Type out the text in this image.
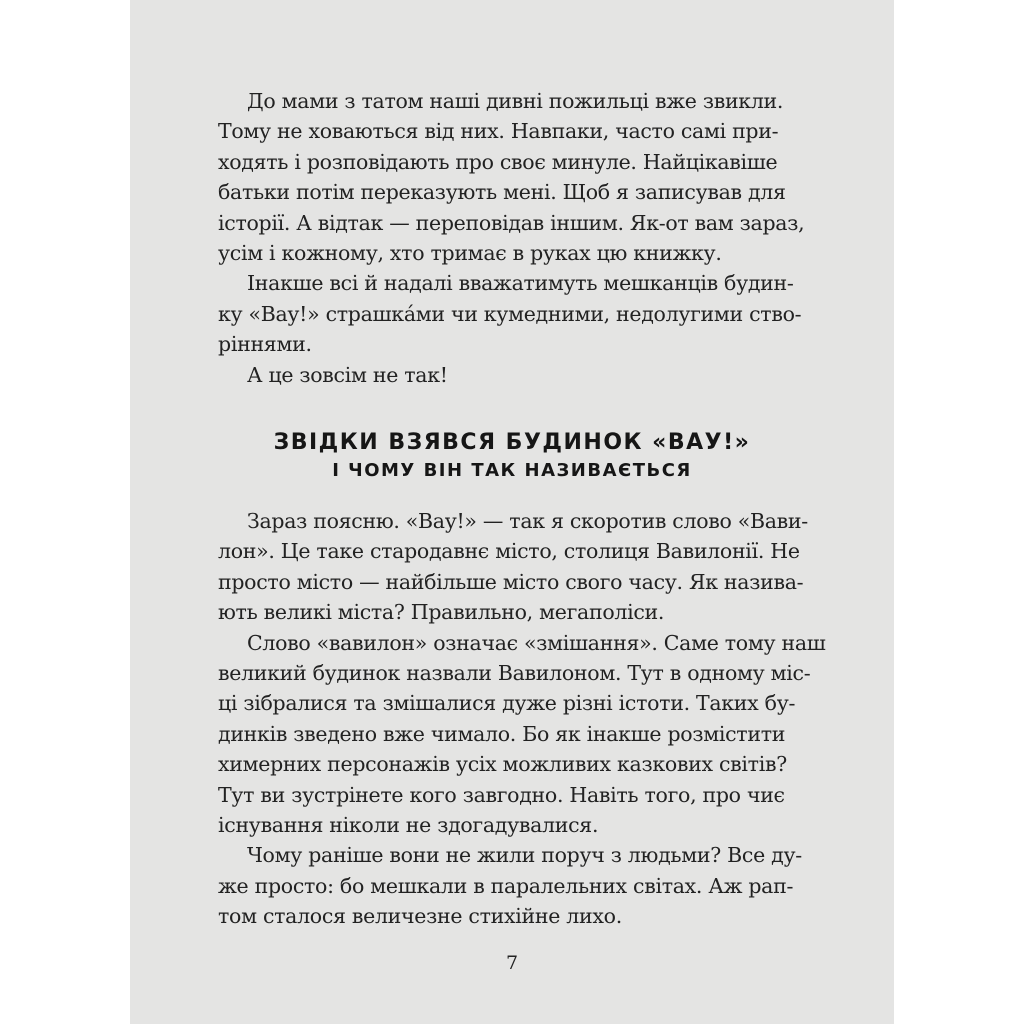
До мами з татом наші дивні пожильці вже звикли.
Тому не ховаються від них. Навпаки, часто самі при-
ходять і розповідають про своє минуле. Найцікавіше
батьки потім переказують мені. Щоб я записував для
історії. А відтак — переповідав іншим. Як-от вам зараз,
усім і кожному, хто тримає в руках цю книжку.
Інакше всі й надалі вважатимуть мешканців будин-
ку «Вау!» страшкáми чи кумедними, недолугими ство-
ріннями.
А це зовсім не так!
ЗВІДКИ ВЗЯВСЯ БУДИНОК «ВАУ!»
І ЧОМУ ВІН ТАК НАЗИВАЄТЬСЯ
Зараз поясню. «Вау!» — так я скоротив слово «Вави-
лон». Це таке стародавнє місто, столиця Вавилонії. Не
просто місто — найбільше місто свого часу. Як назива-
ють великі міста? Правильно, мегаполіси.
Слово «вавилон» означає «змішання». Саме тому наш
великий будинок назвали Вавилоном. Тут в одному міс-
ці зібралися та змішалися дуже різні істоти. Таких бу-
динків зведено вже чимало. Бо як інакше розмістити
химерних персонажів усіх можливих казкових світів?
Тут ви зустрінете кого завгодно. Навіть того, про чиє
існування ніколи не здогадувалися.
Чому раніше вони не жили поруч з людьми? Все ду-
же просто: бо мешкали в паралельних світах. Аж рап-
том сталося величезне стихійне лихо.
7
